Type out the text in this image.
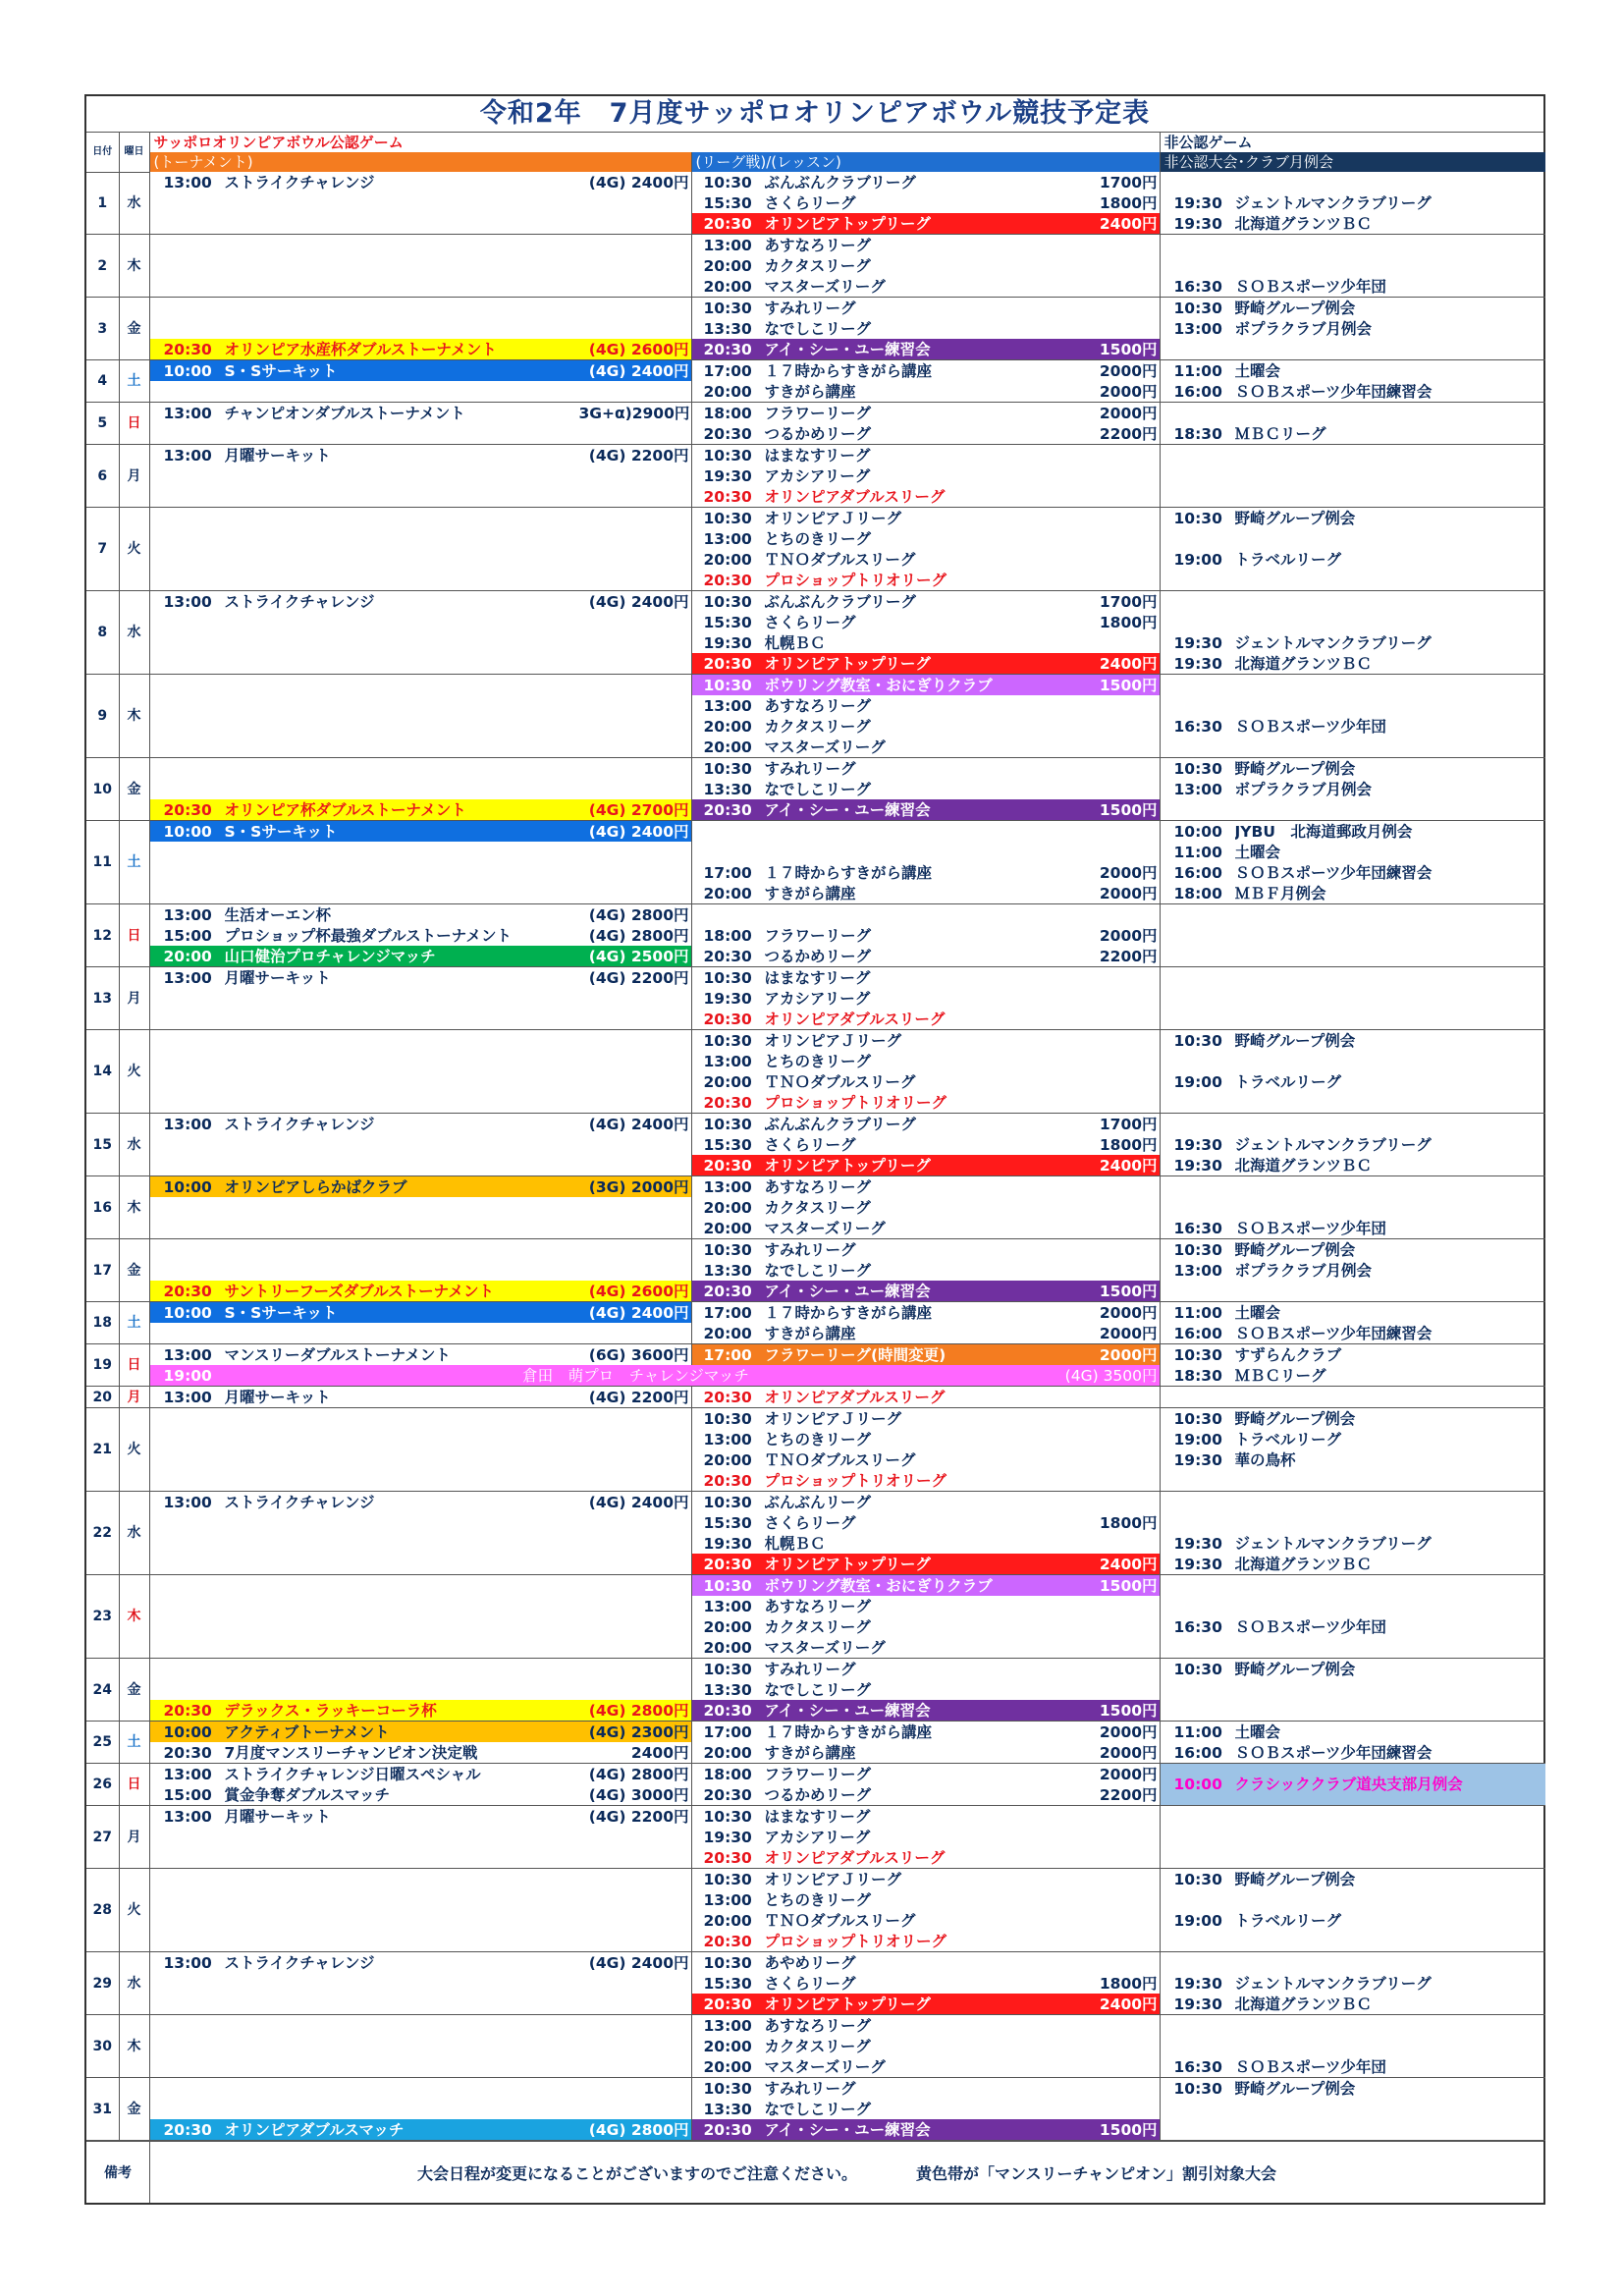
令和2年　7月度サッポロオリンピアボウル競技予定表
日付	曜日	サッポロオリンピアボウル公認ゲーム		非公認ゲーム
		(トーナメント)	(リーグ戦)/(レッスン)	非公認大会･クラブ月例会
1	水	13:00 ストライクチャレンジ (4G) 2400円	10:30 ぶんぶんクラブリーグ 1700円	

			15:30 さくらリーグ 1800円	19:30 ジェントルマンクラブリーグ

			20:30 オリンピアトップリーグ 2400円	19:30 北海道グランツＢＣ

2	木		13:00 あすなろリーグ	

			20:00 カクタスリーグ	

			20:00 マスターズリーグ	16:30 ＳＯＢスポーツ少年団

3	金		10:30 すみれリーグ	10:30 野崎グループ例会

			13:30 なでしこリーグ	13:00 ボプラクラブ月例会

		20:30 オリンピア水産杯ダブルストーナメント (4G) 2600円	20:30 アイ・シー・ユー練習会 1500円	

4	土	10:00 S・Sサーキット (4G) 2400円	17:00 １７時からすきがら講座 2000円	11:00 土曜会

			20:00 すきがら講座 2000円	16:00 ＳＯＢスポーツ少年団練習会

5	日	13:00 チャンピオンダブルストーナメント 3G+α)2900円	18:00 フラワーリーグ 2000円	

			20:30 つるかめリーグ 2200円	18:30 ＭＢＣリーグ

6	月	13:00 月曜サーキット (4G) 2200円	10:30 はまなすリーグ	

			19:30 アカシアリーグ	

			20:30 オリンピアダブルスリーグ	

7	火		10:30 オリンピアＪリーグ	10:30 野崎グループ例会

			13:00 とちのきリーグ	

			20:00 ＴＮＯダブルスリーグ	19:00 トラベルリーグ

			20:30 プロショップトリオリーグ	

8	水	13:00 ストライクチャレンジ (4G) 2400円	10:30 ぶんぶんクラブリーグ 1700円	

			15:30 さくらリーグ 1800円	

			19:30 札幌ＢＣ	19:30 ジェントルマンクラブリーグ

			20:30 オリンピアトップリーグ 2400円	19:30 北海道グランツＢＣ

9	木		10:30 ボウリング教室・おにぎりクラブ 1500円	

			13:00 あすなろリーグ	

			20:00 カクタスリーグ	16:30 ＳＯＢスポーツ少年団

			20:00 マスターズリーグ	

10	金		10:30 すみれリーグ	10:30 野崎グループ例会

			13:30 なでしこリーグ	13:00 ボプラクラブ月例会

		20:30 オリンピア杯ダブルストーナメント (4G) 2700円	20:30 アイ・シー・ユー練習会 1500円	

11	土	10:00 S・Sサーキット (4G) 2400円		10:00 JYBU　北海道郵政月例会

				11:00 土曜会

			17:00 １７時からすきがら講座 2000円	16:00 ＳＯＢスポーツ少年団練習会

			20:00 すきがら講座 2000円	18:00 ＭＢＦ月例会

12	日	13:00 生活オーエン杯 (4G) 2800円		

		15:00 プロショップ杯最強ダブルストーナメント (4G) 2800円	18:00 フラワーリーグ 2000円	

		20:00 山口健治プロチャレンジマッチ (4G) 2500円	20:30 つるかめリーグ 2200円	

13	月	13:00 月曜サーキット (4G) 2200円	10:30 はまなすリーグ	

			19:30 アカシアリーグ	

			20:30 オリンピアダブルスリーグ	

14	火		10:30 オリンピアＪリーグ	10:30 野崎グループ例会

			13:00 とちのきリーグ	

			20:00 ＴＮＯダブルスリーグ	19:00 トラベルリーグ

			20:30 プロショップトリオリーグ	

15	水	13:00 ストライクチャレンジ (4G) 2400円	10:30 ぶんぶんクラブリーグ 1700円	

			15:30 さくらリーグ 1800円	19:30 ジェントルマンクラブリーグ

			20:30 オリンピアトップリーグ 2400円	19:30 北海道グランツＢＣ

16	木	10:00 オリンピアしらかばクラブ (3G) 2000円	13:00 あすなろリーグ	

			20:00 カクタスリーグ	

			20:00 マスターズリーグ	16:30 ＳＯＢスポーツ少年団

17	金		10:30 すみれリーグ	10:30 野崎グループ例会

			13:30 なでしこリーグ	13:00 ボプラクラブ月例会

		20:30 サントリーフーズダブルストーナメント (4G) 2600円	20:30 アイ・シー・ユー練習会 1500円	

18	土	10:00 S・Sサーキット (4G) 2400円	17:00 １７時からすきがら講座 2000円	11:00 土曜会

			20:00 すきがら講座 2000円	16:00 ＳＯＢスポーツ少年団練習会

19	日	13:00 マンスリーダブルストーナメント (6G) 3600円	17:00 フラワーリーグ(時間変更) 2000円	10:30 すずらんクラブ

		19:00 倉田　萌プロ　チャレンジマッチ (4G) 3500円		18:30 ＭＢＣリーグ

20	月	13:00 月曜サーキット (4G) 2200円	20:30 オリンピアダブルスリーグ	

21	火		10:30 オリンピアＪリーグ	10:30 野崎グループ例会

			13:00 とちのきリーグ	19:00 トラベルリーグ

			20:00 ＴＮＯダブルスリーグ	19:30 華の鳥杯

			20:30 プロショップトリオリーグ	

22	水	13:00 ストライクチャレンジ (4G) 2400円	10:30 ぶんぶんリーグ	

			15:30 さくらリーグ 1800円	

			19:30 札幌ＢＣ	19:30 ジェントルマンクラブリーグ

			20:30 オリンピアトップリーグ 2400円	19:30 北海道グランツＢＣ

23	木		10:30 ボウリング教室・おにぎりクラブ 1500円	

			13:00 あすなろリーグ	

			20:00 カクタスリーグ	16:30 ＳＯＢスポーツ少年団

			20:00 マスターズリーグ	

24	金		10:30 すみれリーグ	10:30 野崎グループ例会

			13:30 なでしこリーグ	

		20:30 デラックス・ラッキーコーラ杯 (4G) 2800円	20:30 アイ・シー・ユー練習会 1500円	

25	土	10:00 アクティブトーナメント (4G) 2300円	17:00 １７時からすきがら講座 2000円	11:00 土曜会

		20:30 7月度マンスリーチャンピオン決定戦 2400円	20:00 すきがら講座 2000円	16:00 ＳＯＢスポーツ少年団練習会

26	日	13:00 ストライクチャレンジ日曜スペシャル (4G) 2800円	18:00 フラワーリーグ 2000円	10:00 クラシッククラブ道央支部月例会

		15:00 賞金争奪ダブルスマッチ (4G) 3000円	20:30 つるかめリーグ 2200円	

27	月	13:00 月曜サーキット (4G) 2200円	10:30 はまなすリーグ	

			19:30 アカシアリーグ	

			20:30 オリンピアダブルスリーグ	

28	火		10:30 オリンピアＪリーグ	10:30 野崎グループ例会

			13:00 とちのきリーグ	

			20:00 ＴＮＯダブルスリーグ	19:00 トラベルリーグ

			20:30 プロショップトリオリーグ	

29	水	13:00 ストライクチャレンジ (4G) 2400円	10:30 あやめリーグ	

			15:30 さくらリーグ 1800円	19:30 ジェントルマンクラブリーグ

			20:30 オリンピアトップリーグ 2400円	19:30 北海道グランツＢＣ

30	木		13:00 あすなろリーグ	

			20:00 カクタスリーグ	

			20:00 マスターズリーグ	16:30 ＳＯＢスポーツ少年団

31	金		10:30 すみれリーグ	10:30 野崎グループ例会

			13:30 なでしこリーグ	

		20:30 オリンピアダブルスマッチ (4G) 2800円	20:30 アイ・シー・ユー練習会 1500円	

備考	大会日程が変更になることがございますのでご注意ください。	黄色帯が「マンスリーチャンピオン」割引対象大会
